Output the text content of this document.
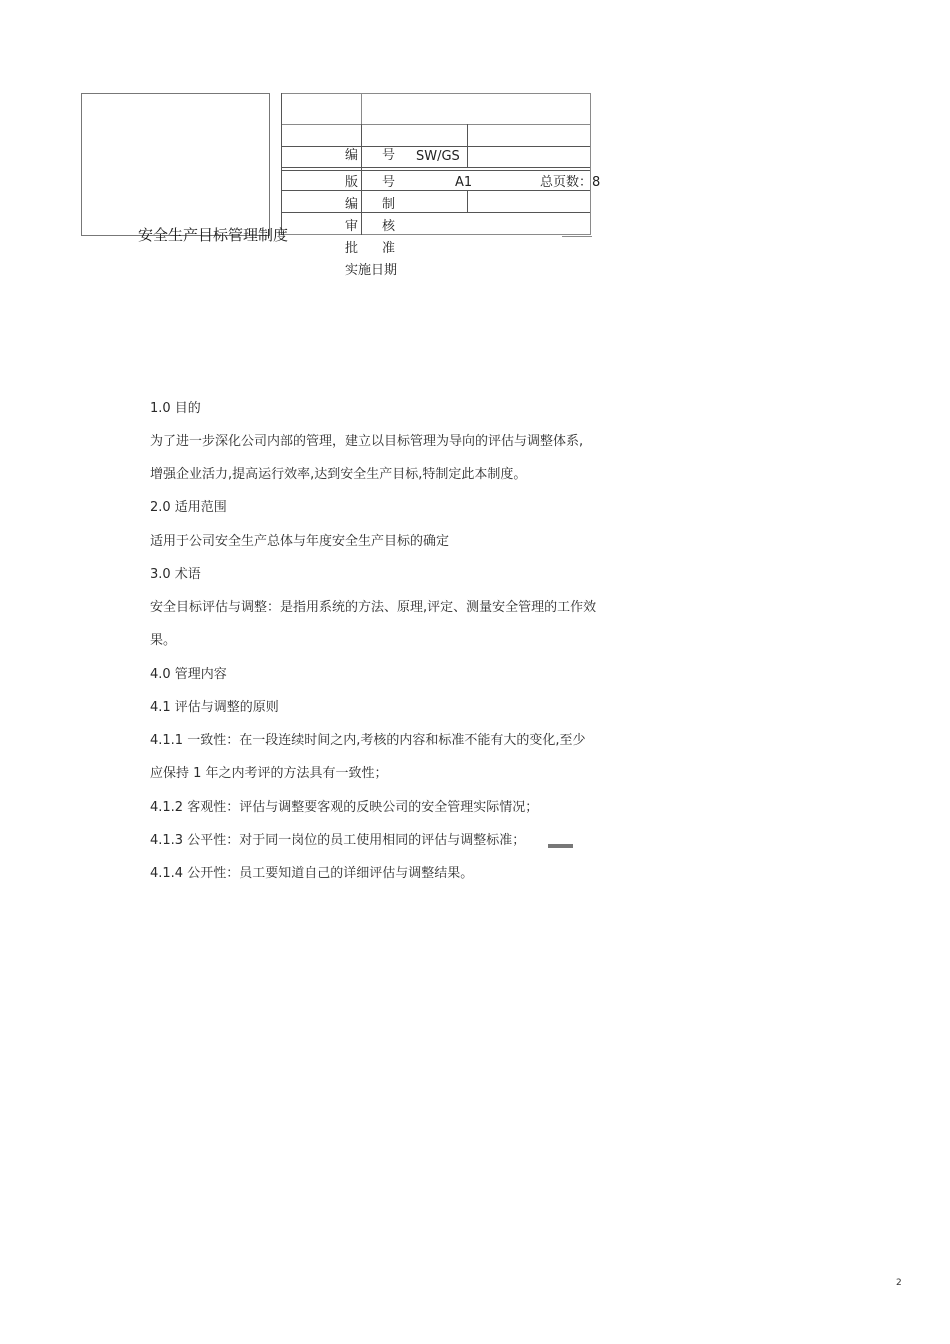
编 号 SW/GS
版 号	A1	总页数：8
编 制
审 核
批 准
实施日期
安全生产目标管理制度
1.0 目的
为了进一步深化公司内部的管理，建立以目标管理为导向的评估与调整体系,
增强企业活力,提高运行效率,达到安全生产目标,特制定此本制度。
2.0 适用范围
适用于公司安全生产总体与年度安全生产目标的确定
3.0 术语
安全目标评估与调整：是指用系统的方法、原理,评定、测量安全管理的工作效
果。
4.0 管理内容
4.1 评估与调整的原则
4.1.1 一致性：在一段连续时间之内,考核的内容和标准不能有大的变化,至少
应保持 1 年之内考评的方法具有一致性；
4.1.2 客观性：评估与调整要客观的反映公司的安全管理实际情况；
4.1.3 公平性：对于同一岗位的员工使用相同的评估与调整标准；
4.1.4 公开性：员工要知道自己的详细评估与调整结果。
2
